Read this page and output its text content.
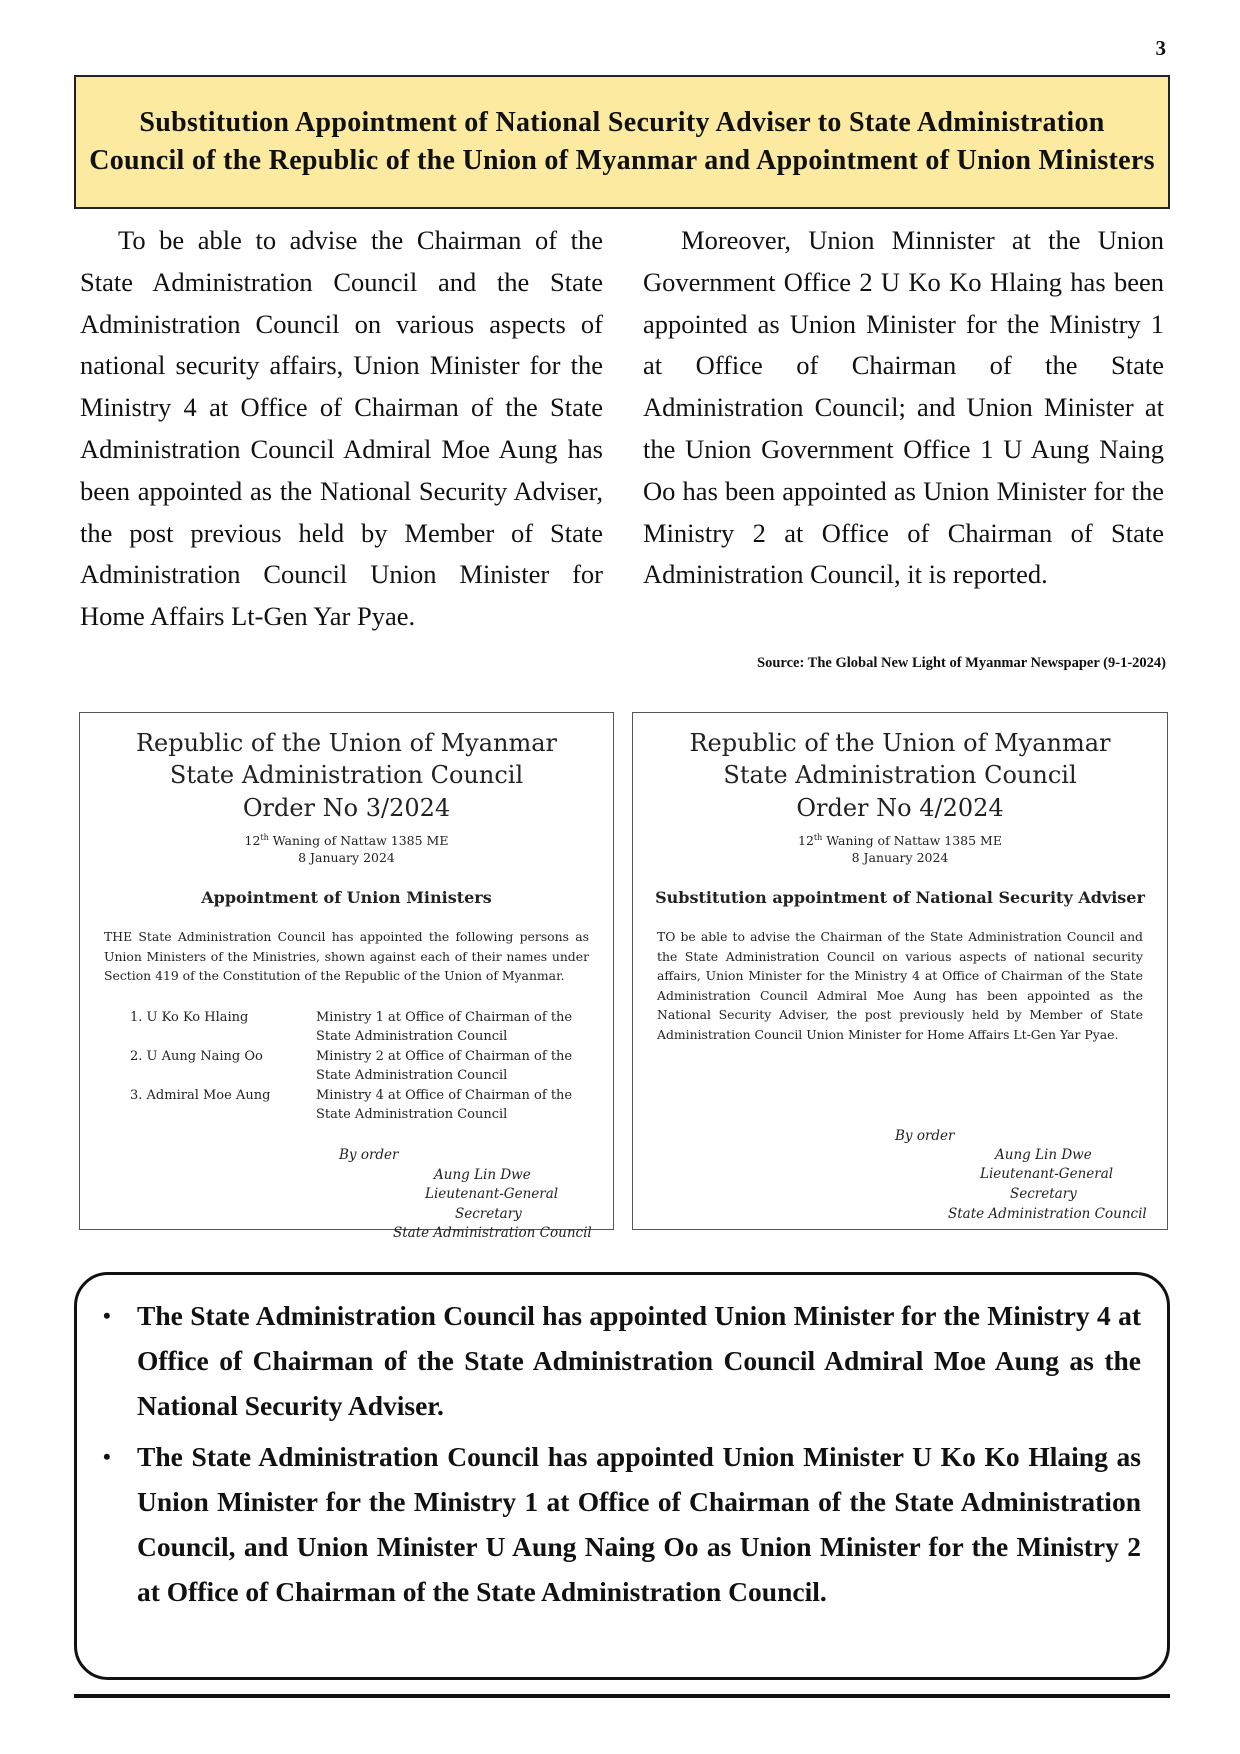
3
Substitution Appointment of National Security Adviser to State Administration Council of the Republic of the Union of Myanmar and Appointment of Union Ministers

To be able to advise the Chairman of the State Administration Council and the State Administration Council on various aspects of national security affairs, Union Minister for the Ministry 4 at Office of Chairman of the State Administration Council Admiral Moe Aung has been appointed as the National Security Adviser, the post previous held by Member of State Administration Council Union Minister for Home Affairs Lt-Gen Yar Pyae.

Moreover, Union Minnister at the Union Government Office 2 U Ko Ko Hlaing has been appointed as Union Minister for the Ministry 1 at Office of Chairman of the State Administration Council; and Union Minister at the Union Government Office 1 U Aung Naing Oo has been appointed as Union Minister for the Ministry 2 at Office of Chairman of State Administration Council, it is reported.

Source: The Global New Light of Myanmar Newspaper (9-1-2024)
Republic of the Union of Myanmar
State Administration Council
Order No 3/2024
12th Waning of Nattaw 1385 ME
8 January 2024
Appointment of Union Ministers
THE State Administration Council has appointed the following persons as Union Ministers of the Ministries, shown against each of their names under Section 419 of the Constitution of the Republic of the Union of Myanmar.
1. U Ko Ko Hlaing	Ministry 1 at Office of Chairman of the State Administration Council
2. U Aung Naing Oo	Ministry 2 at Office of Chairman of the State Administration Council
3. Admiral Moe Aung	Ministry 4 at Office of Chairman of the State Administration Council
By order
Aung Lin Dwe
Lieutenant-General
Secretary
State Administration Council
Republic of the Union of Myanmar
State Administration Council
Order No 4/2024
12th Waning of Nattaw 1385 ME
8 January 2024
Substitution appointment of National Security Adviser
TO be able to advise the Chairman of the State Administration Council and the State Administration Council on various aspects of national security affairs, Union Minister for the Ministry 4 at Office of Chairman of the State Administration Council Admiral Moe Aung has been appointed as the National Security Adviser, the post previously held by Member of State Administration Council Union Minister for Home Affairs Lt-Gen Yar Pyae.
By order
Aung Lin Dwe
Lieutenant-General
Secretary
State Administration Council
• The State Administration Council has appointed Union Minister for the Ministry 4 at Office of Chairman of the State Administration Council Admiral Moe Aung as the National Security Adviser.
• The State Administration Council has appointed Union Minister U Ko Ko Hlaing as Union Minister for the Ministry 1 at Office of Chairman of the State Administration Council, and Union Minister U Aung Naing Oo as Union Minister for the Ministry 2 at Office of Chairman of the State Administration Council.
